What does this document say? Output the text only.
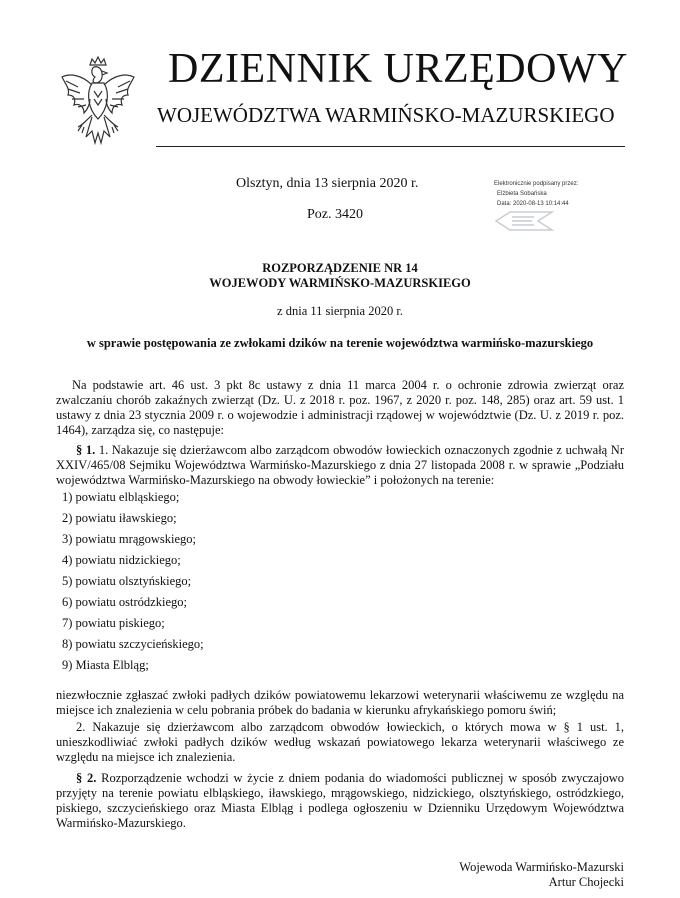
DZIENNIK URZĘDOWY
WOJEWÓDZTWA WARMIŃSKO-MAZURSKIEGO
Olsztyn, dnia 13 sierpnia 2020 r.
Poz. 3420
Elektronicznie podpisany przez:
Elżbieta Sobańska
Data: 2020-08-13 10:14:44
ROZPORZĄDZENIE NR 14
WOJEWODY WARMIŃSKO-MAZURSKIEGO
z dnia 11 sierpnia 2020 r.
w sprawie postępowania ze zwłokami dzików na terenie województwa warmińsko-mazurskiego
Na podstawie art. 46 ust. 3 pkt 8c ustawy z dnia 11 marca 2004 r. o ochronie zdrowia zwierząt oraz zwalczaniu chorób zakaźnych zwierząt (Dz. U. z 2018 r. poz. 1967, z 2020 r. poz. 148, 285) oraz art. 59 ust. 1 ustawy z dnia 23 stycznia 2009 r. o wojewodzie i administracji rządowej w województwie (Dz. U. z 2019 r. poz. 1464), zarządza się, co następuje:
§ 1. 1. Nakazuje się dzierżawcom albo zarządcom obwodów łowieckich oznaczonych zgodnie z uchwałą Nr XXIV/465/08 Sejmiku Województwa Warmińsko-Mazurskiego z dnia 27 listopada 2008 r. w sprawie „Podziału województwa Warmińsko-Mazurskiego na obwody łowieckie” i położonych na terenie:
1) powiatu elbląskiego;
2) powiatu iławskiego;
3) powiatu mrągowskiego;
4) powiatu nidzickiego;
5) powiatu olsztyńskiego;
6) powiatu ostródzkiego;
7) powiatu piskiego;
8) powiatu szczycieńskiego;
9) Miasta Elbląg;
niezwłocznie zgłaszać zwłoki padłych dzików powiatowemu lekarzowi weterynarii właściwemu ze względu na miejsce ich znalezienia w celu pobrania próbek do badania w kierunku afrykańskiego pomoru świń;
2. Nakazuje się dzierżawcom albo zarządcom obwodów łowieckich, o których mowa w § 1 ust. 1, unieszkodliwiać zwłoki padłych dzików według wskazań powiatowego lekarza weterynarii właściwego ze względu na miejsce ich znalezienia.
§ 2. Rozporządzenie wchodzi w życie z dniem podania do wiadomości publicznej w sposób zwyczajowo przyjęty na terenie powiatu elbląskiego, iławskiego, mrągowskiego, nidzickiego, olsztyńskiego, ostródzkiego, piskiego, szczycieńskiego oraz Miasta Elbląg i podlega ogłoszeniu w Dzienniku Urzędowym Województwa Warmińsko-Mazurskiego.
Wojewoda Warmińsko-Mazurski
Artur Chojecki
